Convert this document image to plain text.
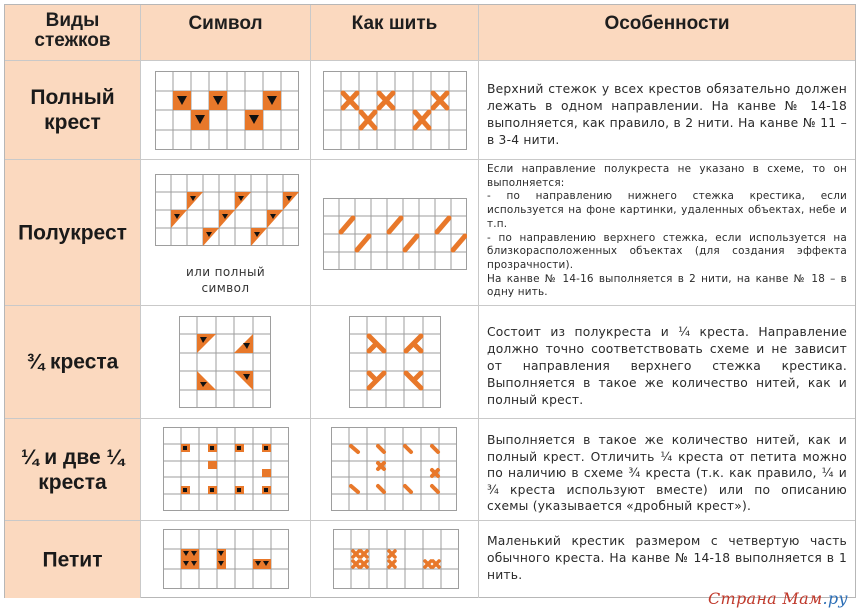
Виды
стежков
Символ	Как шить	Особенности
Полный
крест
Верхний стежок у всех крестов обязательно должен лежать в одном направлении. На канве № 14-18 выполняется, как правило, в 2 нити. На канве № 11 – в 3-4 нити.
Полукрест
или полный
символ

Если направление полукреста не указано в схеме, то он выполняется:

- по направлению нижнего стежка крестика, если используется на фоне картинки, удаленных объектах, небе и т.п.

- по направлению верхнего стежка, если используется на близкорасположенных объектах (для создания эффекта прозрачности).

На канве № 14-16 выполняется в 2 нити, на канве № 18 – в одну нить.

¾ креста
Состоит из полукреста и ¼ креста. Направление должно точно соответствовать схеме и не зависит от направления верхнего стежка крестика. Выполняется в такое же количество нитей, как и полный крест.
¼ и две ¼
креста
Выполняется в такое же количество нитей, как и полный крест. Отличить ¼ креста от петита можно по наличию в схеме ¾ креста (т.к. как правило, ¼ и ¾ креста используют вместе) или по описанию схемы (указывается «дробный крест»).
Петит
Маленький крестик размером с четвертую часть обычного креста. На канве № 14-18 выполняется в 1 нить.
Страна Мам.ру
